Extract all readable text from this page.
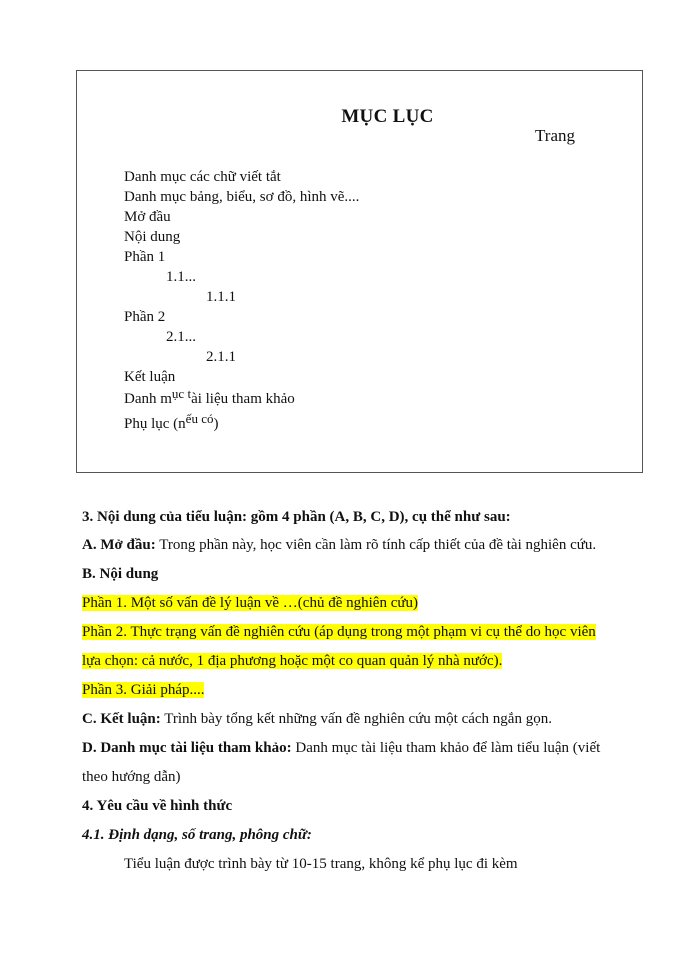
MỤC LỤC
Trang
Danh mục các chữ viết tắt
Danh mục bảng, biểu, sơ đồ, hình vẽ....
Mở đầu
Nội dung
Phần 1
1.1...
1.1.1
Phần 2
2.1...
2.1.1
Kết luận
Danh mục tài liệu tham khảo
Phụ lục (nếu có)
3. Nội dung của tiểu luận: gồm 4 phần (A, B, C, D), cụ thể như sau:
A. Mở đầu: Trong phần này, học viên cần làm rõ tính cấp thiết của đề tài nghiên cứu.
B. Nội dung
Phần 1. Một số vấn đề lý luận về …(chủ đề nghiên cứu)
Phần 2. Thực trạng vấn đề nghiên cứu (áp dụng trong một phạm vi cụ thể do học viên
lựa chọn: cả nước, 1 địa phương hoặc một co quan quản lý nhà nước).
Phần 3. Giải pháp....
C. Kết luận: Trình bày tổng kết những vấn đề nghiên cứu một cách ngắn gọn.
D. Danh mục tài liệu tham khảo: Danh mục tài liệu tham khảo để làm tiểu luận (viết
theo hướng dẫn)
4. Yêu cầu về hình thức
4.1. Định dạng, số trang, phông chữ:
Tiểu luận được trình bày từ 10-15 trang, không kể phụ lục đi kèm
